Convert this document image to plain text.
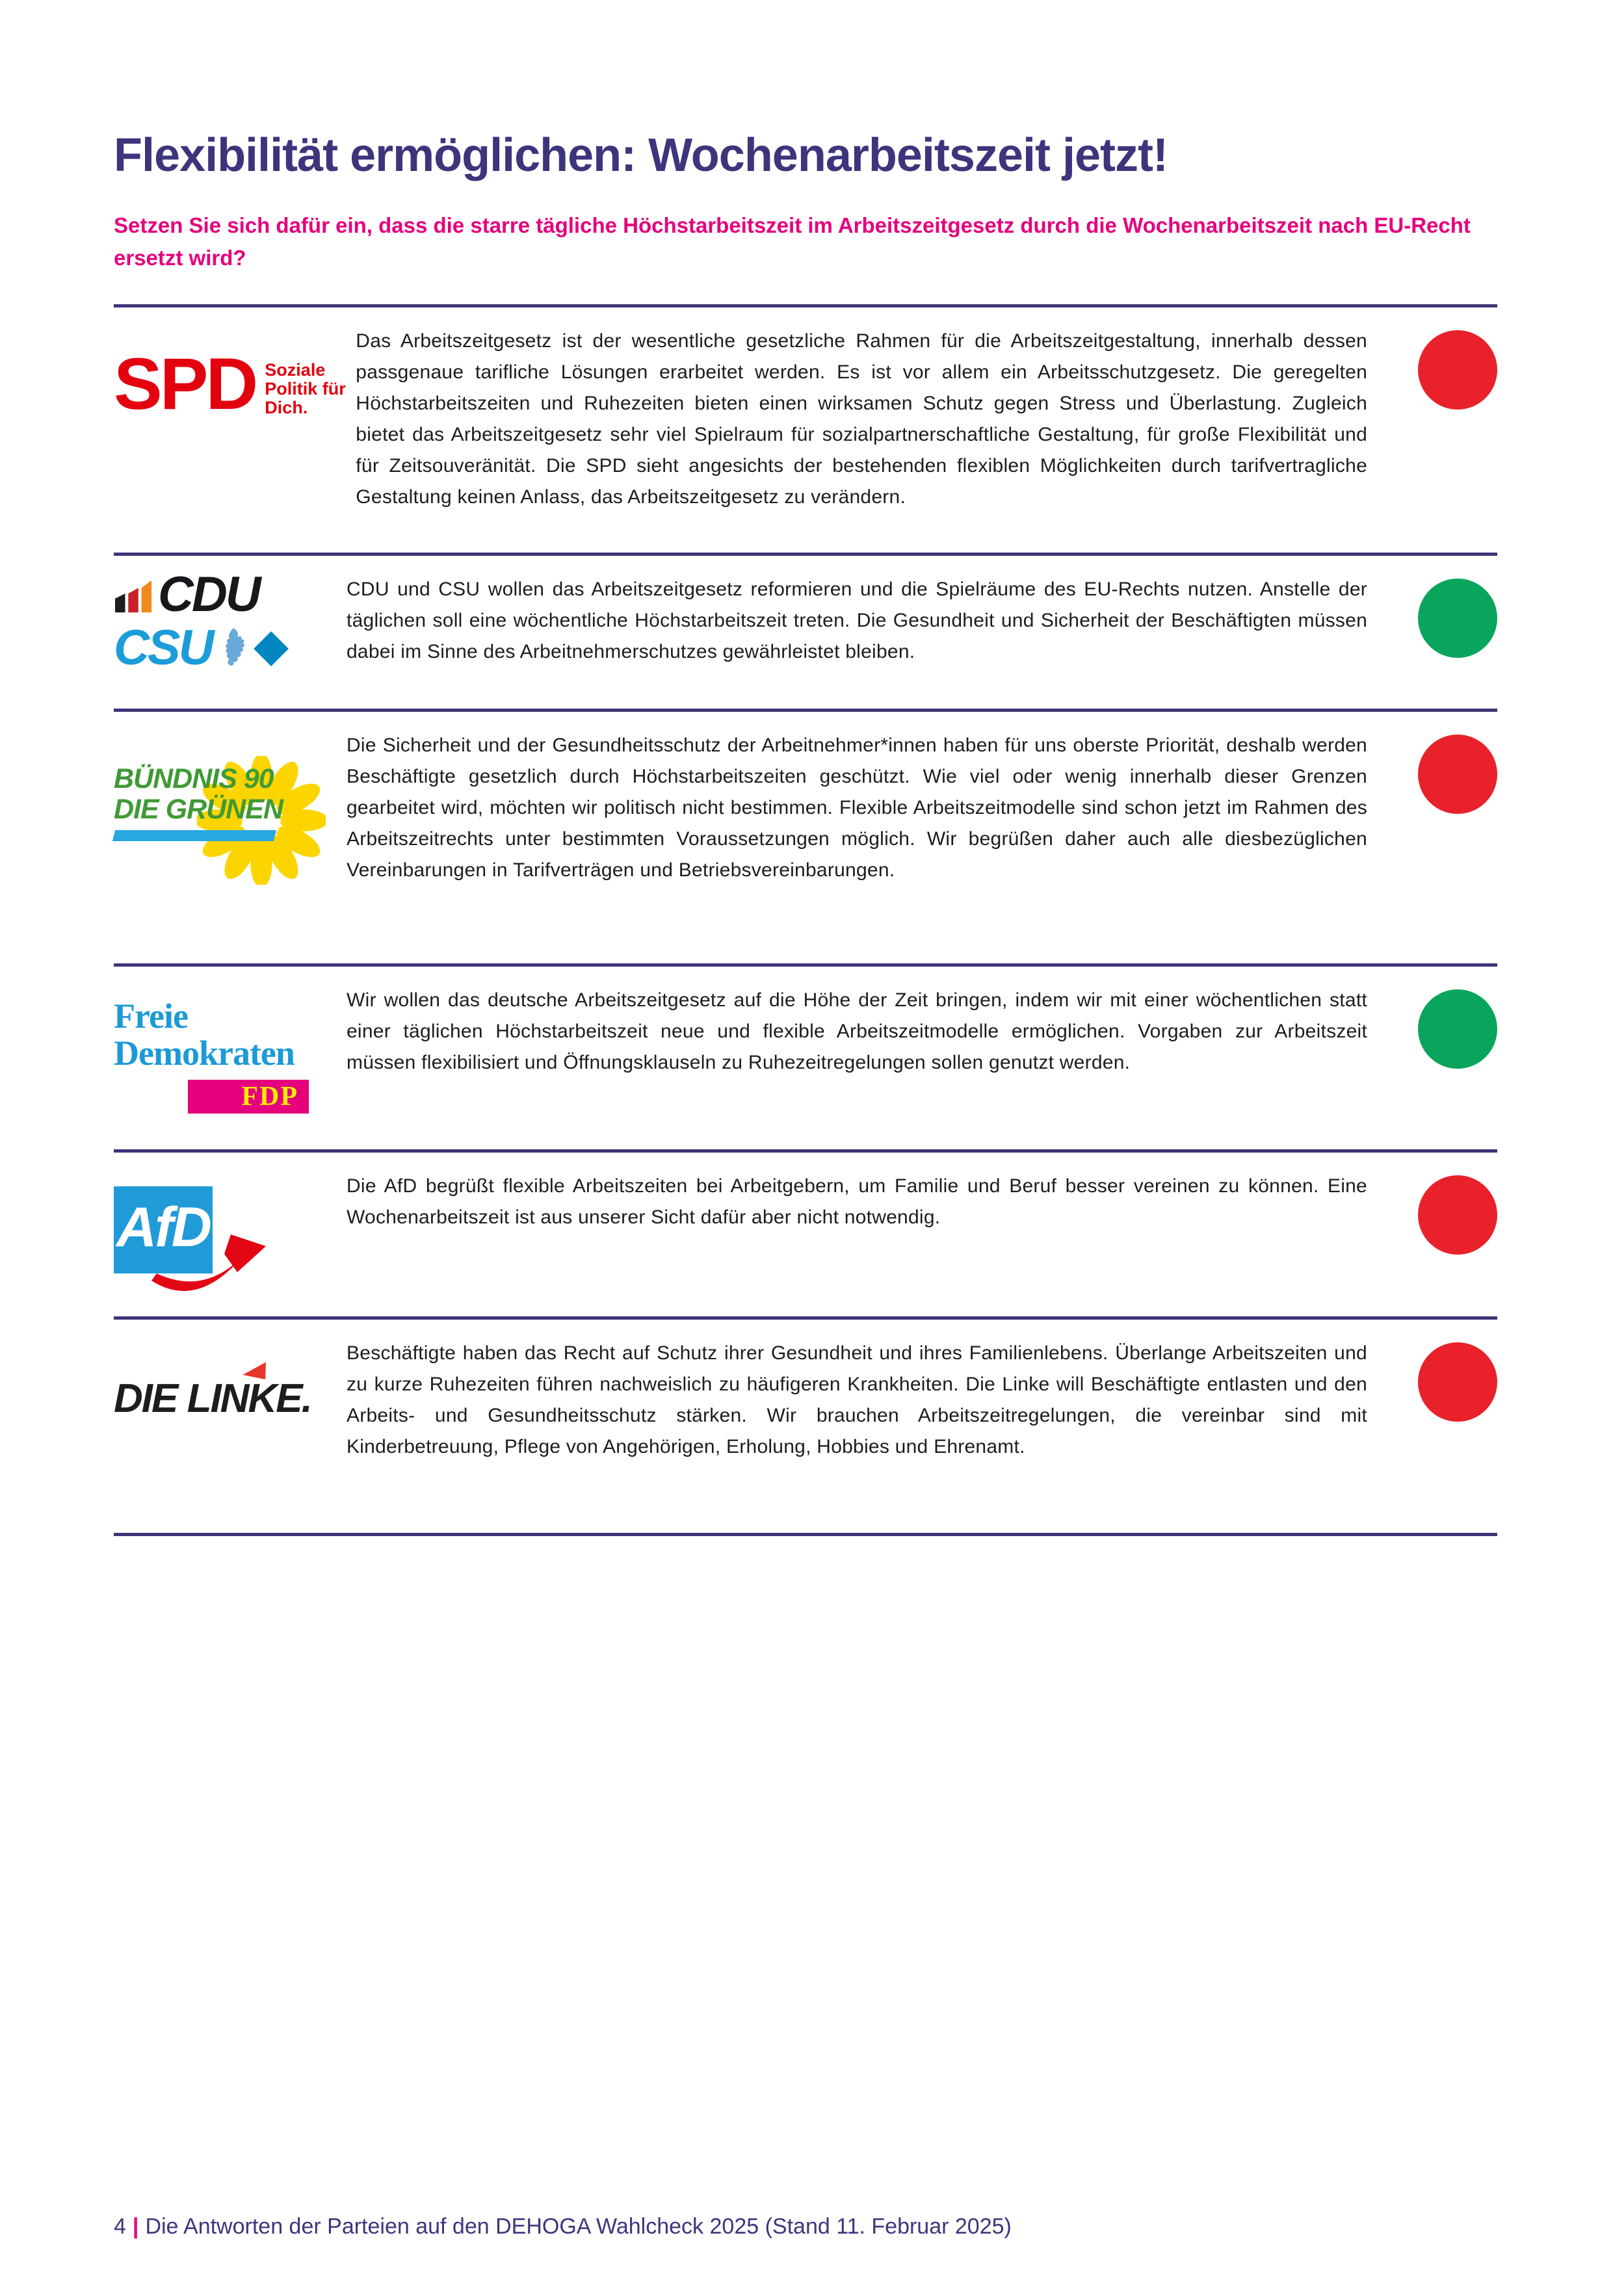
Flexibilität ermöglichen: Wochenarbeitszeit jetzt!
Setzen Sie sich dafür ein, dass die starre tägliche Höchstarbeitszeit im Arbeitszeitgesetz durch die Wochenarbeitszeit nach EU-Recht ersetzt wird?
SPD Soziale Politik für Dich.
Das Arbeitszeitgesetz ist der wesentliche gesetzliche Rahmen für die Arbeitszeitgestaltung, innerhalb dessen passgenaue tarifliche Lösungen erarbeitet werden. Es ist vor allem ein Arbeitsschutzgesetz. Die geregelten Höchstarbeitszeiten und Ruhezeiten bieten einen wirksamen Schutz gegen Stress und Überlastung. Zugleich bietet das Arbeitszeitgesetz sehr viel Spielraum für sozialpartnerschaftliche Gestaltung, für große Flexibilität und für Zeitsouveränität. Die SPD sieht angesichts der bestehenden flexiblen Möglichkeiten durch tarifvertragliche Gestaltung keinen Anlass, das Arbeitszeitgesetz zu verändern.
CDU
CSU
CDU und CSU wollen das Arbeitszeitgesetz reformieren und die Spielräume des EU-Rechts nutzen. Anstelle der täglichen soll eine wöchentliche Höchstarbeitszeit treten. Die Gesundheit und Sicherheit der Beschäftigten müssen dabei im Sinne des Arbeitnehmerschutzes gewährleistet bleiben.
BÜNDNIS 90
DIE GRÜNEN
Die Sicherheit und der Gesundheitsschutz der Arbeitnehmer*innen haben für uns oberste Priorität, deshalb werden Beschäftigte gesetzlich durch Höchstarbeitszeiten geschützt. Wie viel oder wenig innerhalb dieser Grenzen gearbeitet wird, möchten wir politisch nicht bestimmen. Flexible Arbeitszeitmodelle sind schon jetzt im Rahmen des Arbeitszeitrechts unter bestimmten Voraussetzungen möglich. Wir begrüßen daher auch alle diesbezüglichen Vereinbarungen in Tarifverträgen und Betriebsvereinbarungen.
Freie
Demokraten
FDP
Wir wollen das deutsche Arbeitszeitgesetz auf die Höhe der Zeit bringen, indem wir mit einer wöchentlichen statt einer täglichen Höchstarbeitszeit neue und flexible Arbeitszeitmodelle ermöglichen. Vorgaben zur Arbeitszeit müssen flexibilisiert und Öffnungsklauseln zu Ruhezeitregelungen sollen genutzt werden.
AfD
Die AfD begrüßt flexible Arbeitszeiten bei Arbeitgebern, um Familie und Beruf besser vereinen zu können. Eine Wochenarbeitszeit ist aus unserer Sicht dafür aber nicht notwendig.
DIE LINKE.
Beschäftigte haben das Recht auf Schutz ihrer Gesundheit und ihres Familienlebens. Überlange Arbeitszeiten und zu kurze Ruhezeiten führen nachweislich zu häufigeren Krankheiten. Die Linke will Beschäftigte entlasten und den Arbeits- und Gesundheitsschutz stärken. Wir brauchen Arbeitszeitregelungen, die vereinbar sind mit Kinderbetreuung, Pflege von Angehörigen, Erholung, Hobbies und Ehrenamt.
4 | Die Antworten der Parteien auf den DEHOGA Wahlcheck 2025 (Stand 11. Februar 2025)
